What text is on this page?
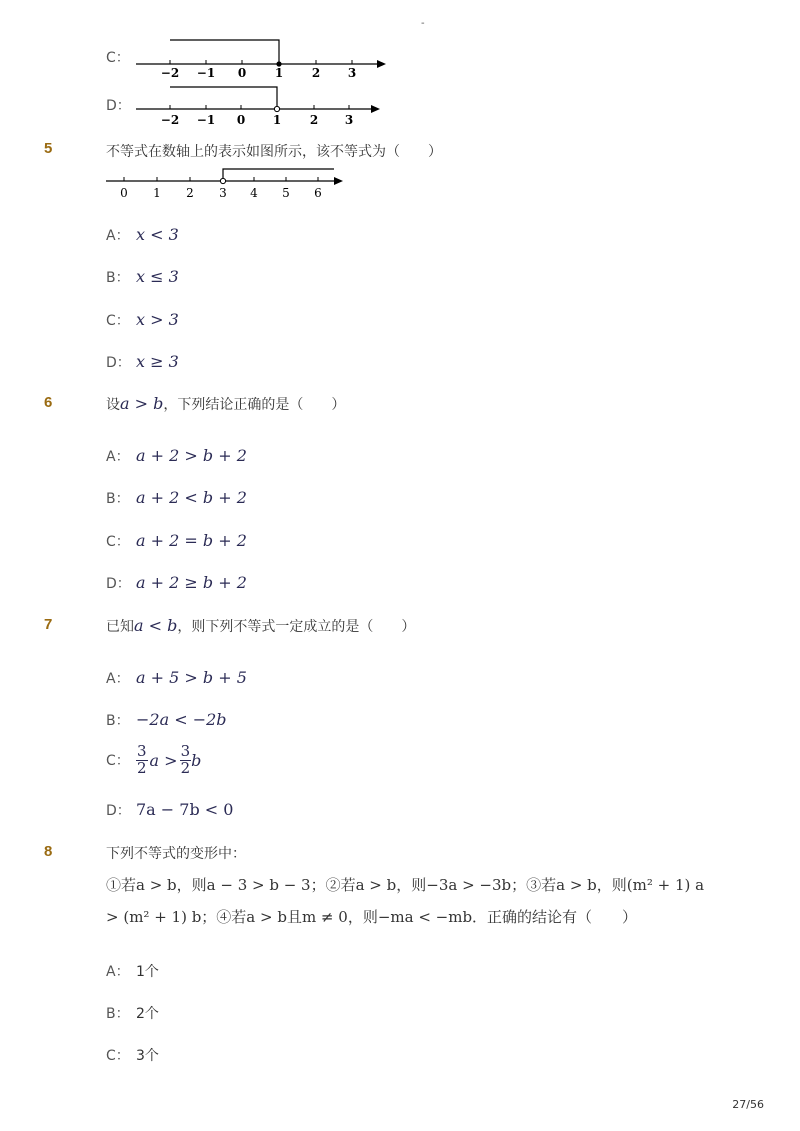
-
C：
−2 −1 0 1 2 3
D：
−2 −1 0 1 2 3
5	不等式在数轴上的表示如图所示，该不等式为（　　）
0 1 2 3 4 5 6
A： x < 3
B： x ≤ 3
C： x > 3
D： x ≥ 3
6	设a > b，下列结论正确的是（　　）
A： a + 2 > b + 2
B： a + 2 < b + 2
C： a + 2 = b + 2
D： a + 2 ≥ b + 2
7	已知a < b，则下列不等式一定成立的是（　　）
A： a + 5 > b + 5
B： −2a < −2b
C： $\frac{3}{2}$ $a > \frac{3}{2}$ b
D： 7a − 7b < 0
8	下列不等式的变形中：
①若a > b，则a − 3 > b − 3；②若a > b，则−3a > −3b；③若a > b，则(m² + 1) a
> (m² + 1) b；④若a > b且m ≠ 0，则−ma < −mb．正确的结论有（　　）
A： 1个
B： 2个
C： 3个
27/56
